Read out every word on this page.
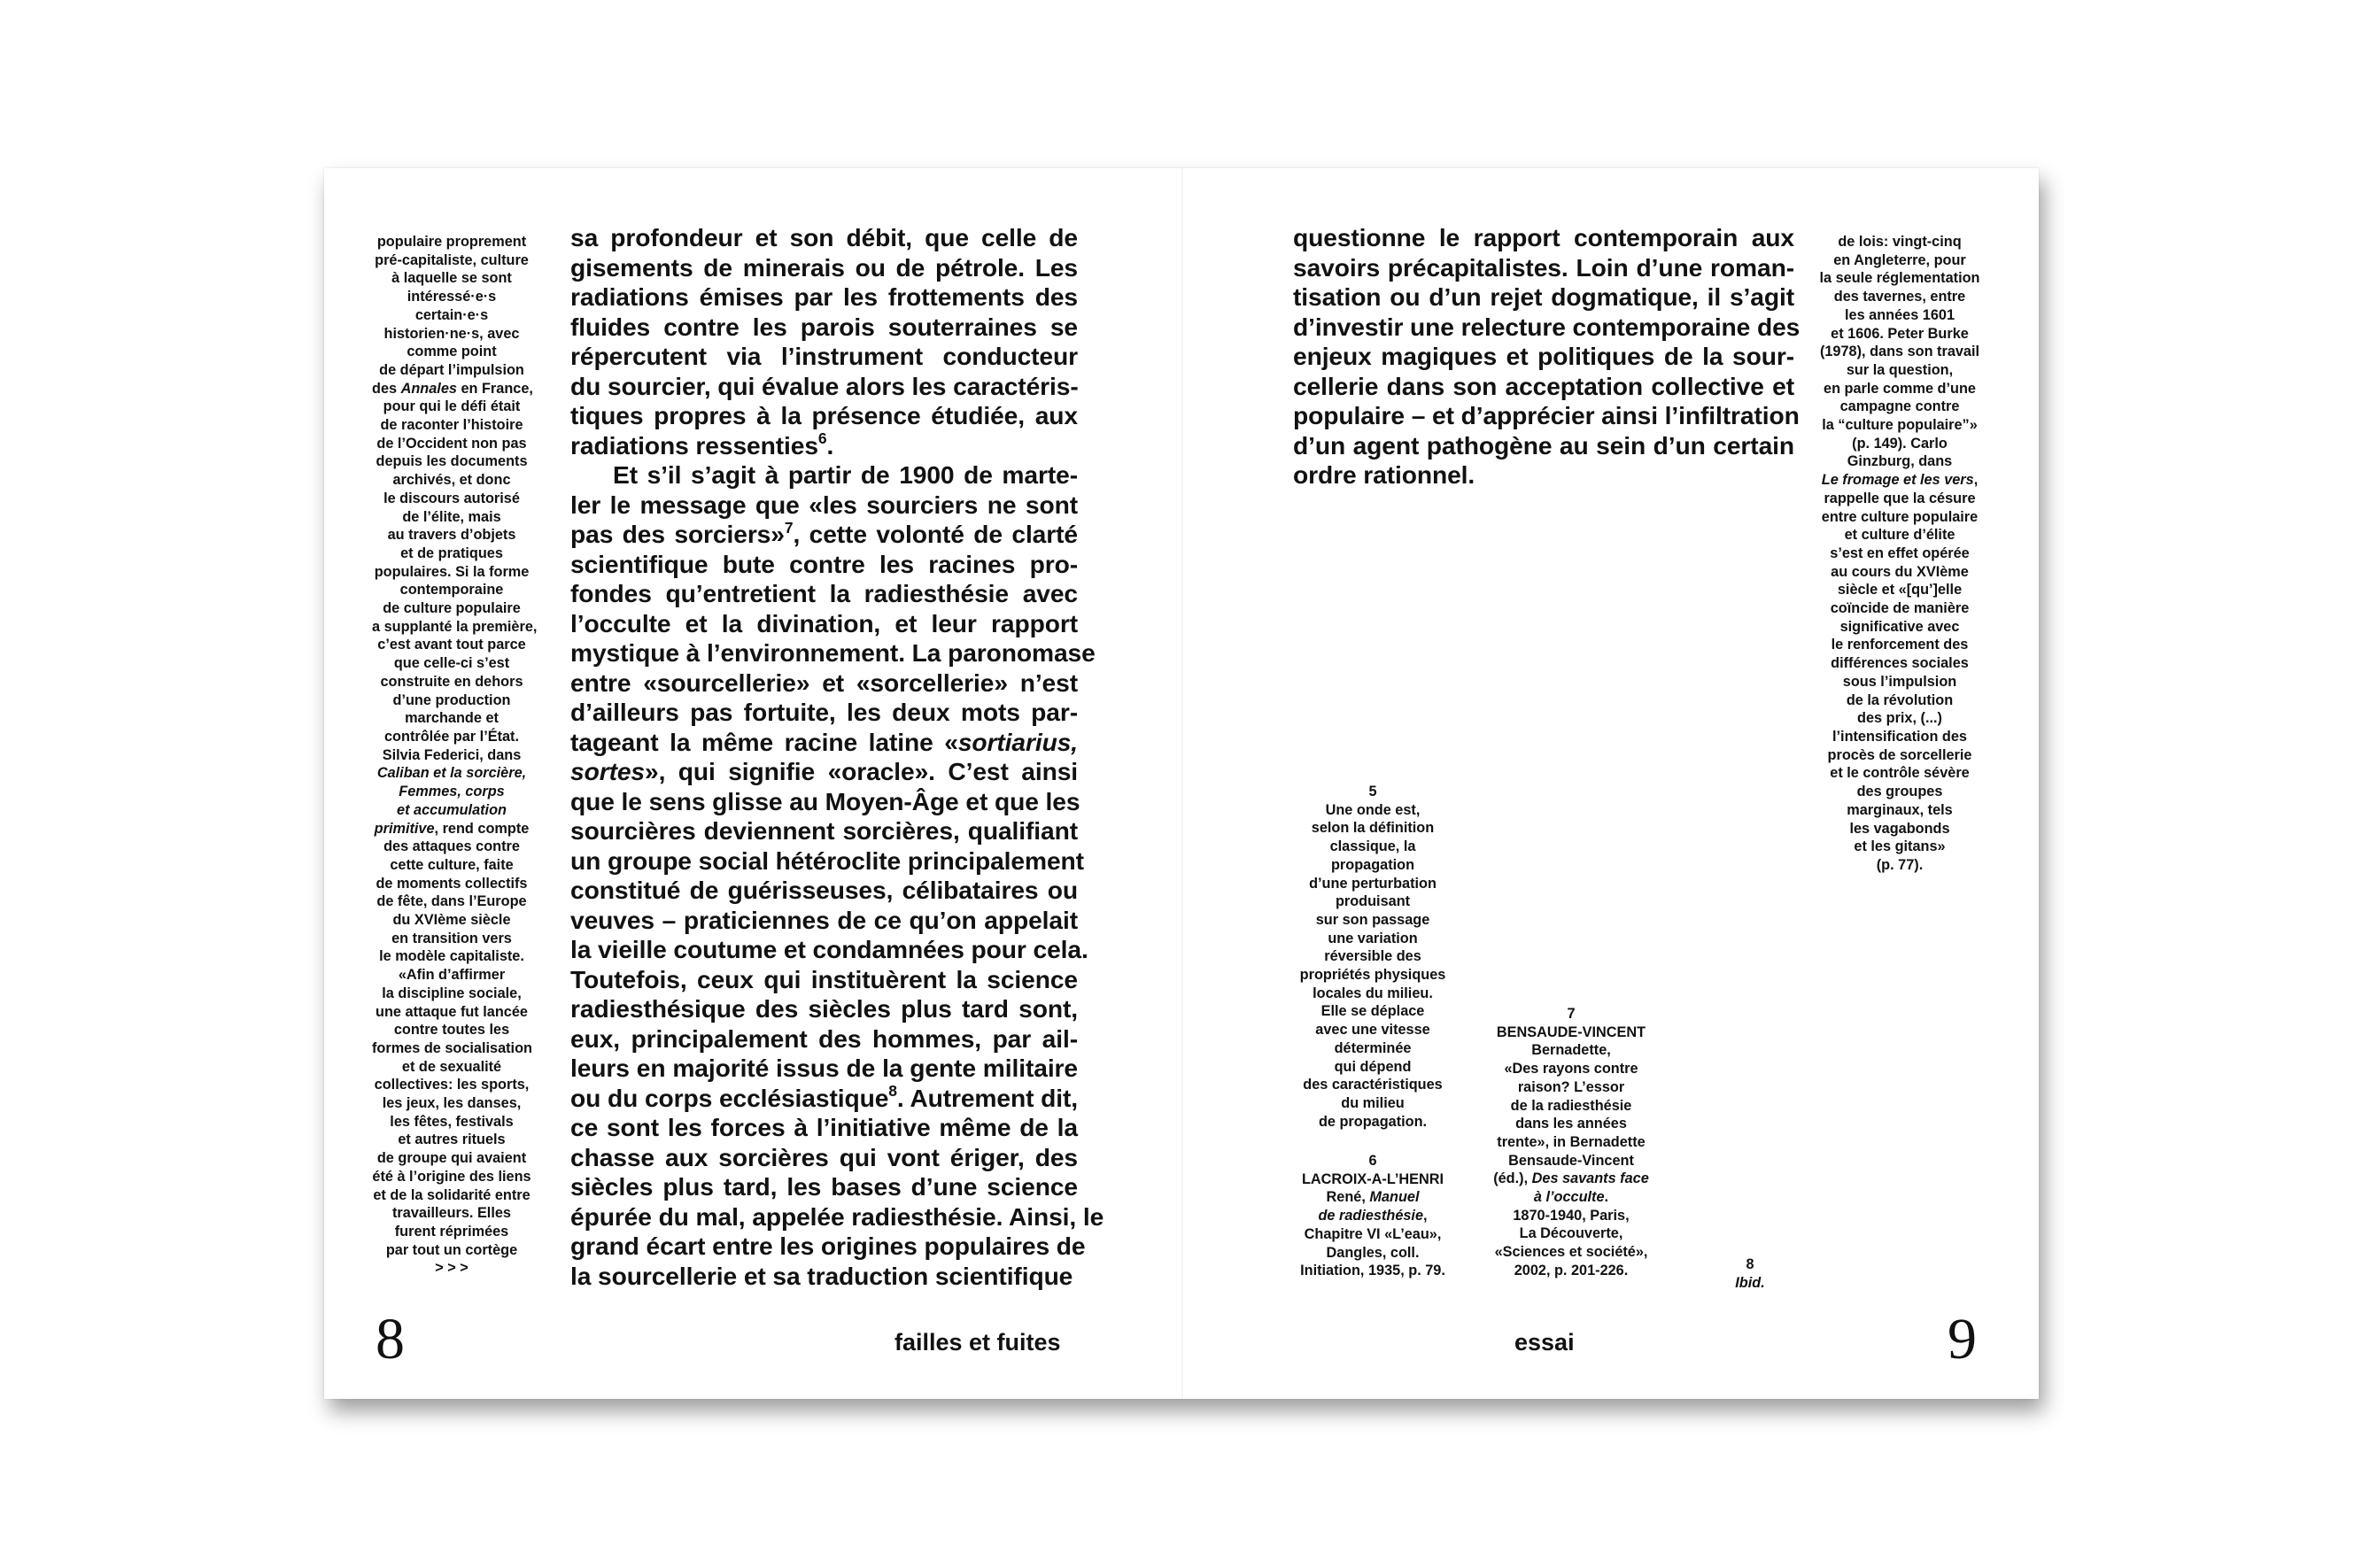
populaire proprement
pré-capitaliste, culture
à laquelle se sont
intéressé·e·s
certain·e·s
historien·ne·s, avec
comme point
de départ l’impulsion
des Annales en France,
pour qui le défi était
de raconter l’histoire
de l’Occident non pas
depuis les documents
archivés, et donc
le discours autorisé
de l’élite, mais
au travers d’objets
et de pratiques
populaires. Si la forme
contemporaine
de culture populaire
a supplanté la première,
c’est avant tout parce
que celle-ci s’est
construite en dehors
d’une production
marchande et
contrôlée par l’État.
Silvia Federici, dans
Caliban et la sorcière,
Femmes, corps
et accumulation
primitive, rend compte
des attaques contre
cette culture, faite
de moments collectifs
de fête, dans l’Europe
du XVIème siècle
en transition vers
le modèle capitaliste.
«Afin d’affirmer
la discipline sociale,
une attaque fut lancée
contre toutes les
formes de socialisation
et de sexualité
collectives: les sports,
les jeux, les danses,
les fêtes, festivals
et autres rituels
de groupe qui avaient
été à l’origine des liens
et de la solidarité entre
travailleurs. Elles
furent réprimées
par tout un cortège
> > >
sa profondeur et son débit, que celle de
gisements de minerais ou de pétrole. Les
radiations émises par les frottements des
fluides contre les parois souterraines se
répercutent via l’instrument conducteur
du sourcier, qui évalue alors les caractéris-
tiques propres à la présence étudiée, aux
radiations ressenties$^6$.
Et s’il s’agit à partir de 1900 de marte-
ler le message que «les sourciers ne sont
pas des sorciers»$^7$, cette volonté de clarté
scientifique bute contre les racines pro-
fondes qu’entretient la radiesthésie avec
l’occulte et la divination, et leur rapport
mystique à l’environnement. La paronomase
entre «sourcellerie» et «sorcellerie» n’est
d’ailleurs pas fortuite, les deux mots par-
tageant la même racine latine «sortiarius,
sortes», qui signifie «oracle». C’est ainsi
que le sens glisse au Moyen-Âge et que les
sourcières deviennent sorcières, qualifiant
un groupe social hétéroclite principalement
constitué de guérisseuses, célibataires ou
veuves – praticiennes de ce qu’on appelait
la vieille coutume et condamnées pour cela.
Toutefois, ceux qui instituèrent la science
radiesthésique des siècles plus tard sont,
eux, principalement des hommes, par ail-
leurs en majorité issus de la gente militaire
ou du corps ecclésiastique$^8$. Autrement dit,
ce sont les forces à l’initiative même de la
chasse aux sorcières qui vont ériger, des
siècles plus tard, les bases d’une science
épurée du mal, appelée radiesthésie. Ainsi, le
grand écart entre les origines populaires de
la sourcellerie et sa traduction scientifique
8	failles et fuites
questionne le rapport contemporain aux
savoirs précapitalistes. Loin d’une roman-
tisation ou d’un rejet dogmatique, il s’agit
d’investir une relecture contemporaine des
enjeux magiques et politiques de la sour-
cellerie dans son acceptation collective et
populaire – et d’apprécier ainsi l’infiltration
d’un agent pathogène au sein d’un certain
ordre rationnel.
de lois: vingt-cinq
en Angleterre, pour
la seule réglementation
des tavernes, entre
les années 1601
et 1606. Peter Burke
(1978), dans son travail
sur la question,
en parle comme d’une
campagne contre
la “culture populaire”»
(p. 149). Carlo
Ginzburg, dans
Le fromage et les vers,
rappelle que la césure
entre culture populaire
et culture d’élite
s’est en effet opérée
au cours du XVIème
siècle et «[qu’]elle
coïncide de manière
significative avec
le renforcement des
différences sociales
sous l’impulsion
de la révolution
des prix, (...)
l’intensification des
procès de sorcellerie
et le contrôle sévère
des groupes
marginaux, tels
les vagabonds
et les gitans»
(p. 77).
5
Une onde est,
selon la définition
classique, la
propagation
d’une perturbation
produisant
sur son passage
une variation
réversible des
propriétés physiques
locales du milieu.
Elle se déplace
avec une vitesse
déterminée
qui dépend
des caractéristiques
du milieu
de propagation.
6
LACROIX-A-L’HENRI
René, Manuel
de radiesthésie,
Chapitre VI «L’eau»,
Dangles, coll.
Initiation, 1935, p. 79.
7
BENSAUDE-VINCENT
Bernadette,
«Des rayons contre
raison? L’essor
de la radiesthésie
dans les années
trente», in Bernadette
Bensaude-Vincent
(éd.), Des savants face
à l’occulte.
1870-1940, Paris,
La Découverte,
«Sciences et société»,
2002, p. 201-226.	8
Ibid.
essai	9
